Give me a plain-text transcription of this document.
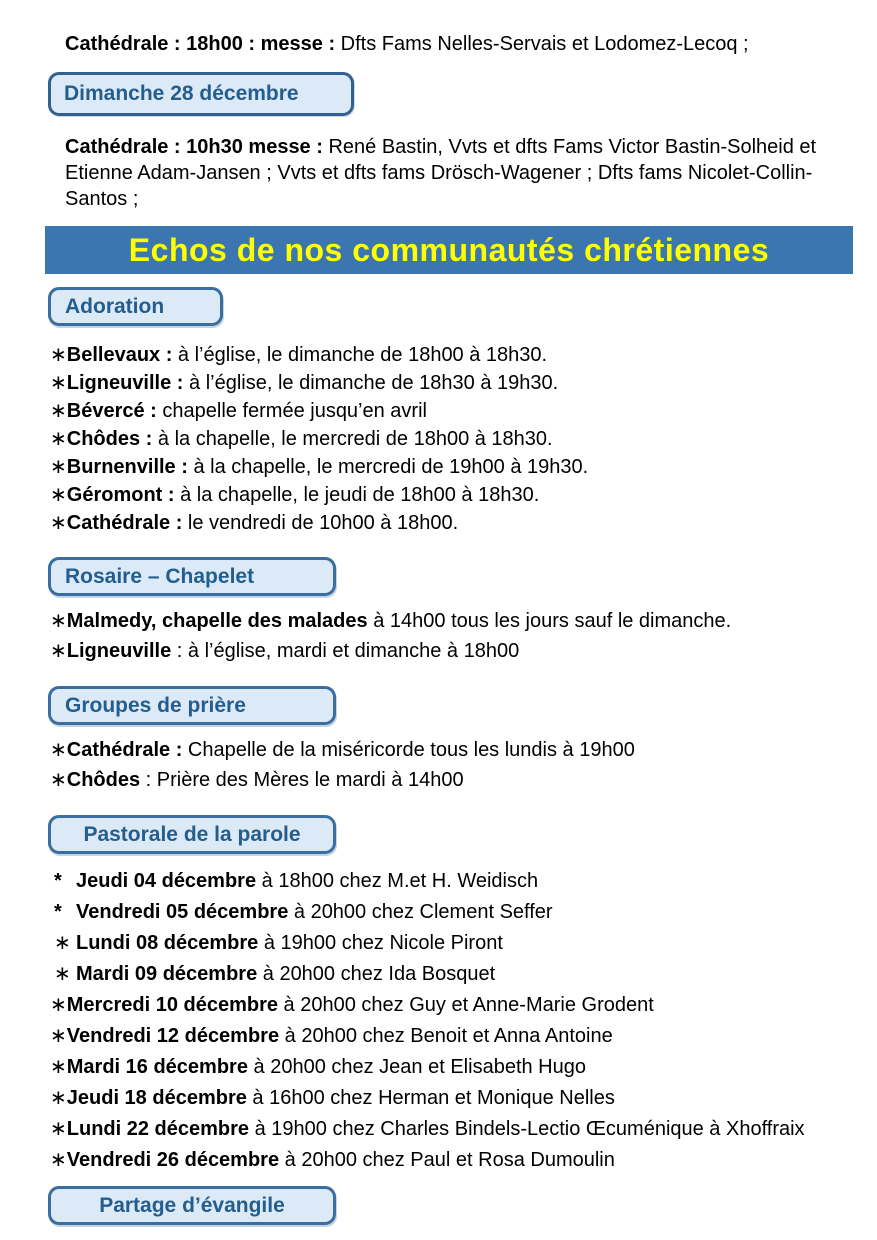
Cathédrale : 18h00 : messe : Dfts Fams Nelles-Servais et Lodomez-Lecoq ;
Dimanche 28 décembre
Cathédrale : 10h30 messe : René Bastin, Vvts et dfts Fams Victor Bastin-Solheid et Etienne Adam-Jansen ; Vvts et dfts fams Drösch-Wagener ; Dfts fams Nicolet-Collin-Santos ;
Echos de nos communautés chrétiennes
Adoration
∗ Bellevaux : à l’église, le dimanche de 18h00 à 18h30.
∗ Ligneuville : à l’église, le dimanche de 18h30 à 19h30.
∗ Bévercé : chapelle fermée jusqu’en avril
∗ Chôdes : à la chapelle, le mercredi de 18h00 à 18h30.
∗ Burnenville : à la chapelle, le mercredi de 19h00 à 19h30.
∗ Géromont : à la chapelle, le jeudi de 18h00 à 18h30.
∗ Cathédrale : le vendredi de 10h00 à 18h00.
Rosaire – Chapelet
∗ Malmedy, chapelle des malades à 14h00 tous les jours sauf le dimanche.
∗ Ligneuville : à l’église, mardi et dimanche à 18h00
Groupes de prière
∗ Cathédrale : Chapelle de la miséricorde tous les lundis à 19h00
∗ Chôdes : Prière des Mères le mardi à 14h00
Pastorale de la parole
* Jeudi 04 décembre à 18h00 chez M.et H. Weidisch
* Vendredi 05 décembre à 20h00 chez Clement Seffer
∗ Lundi 08 décembre à 19h00 chez Nicole Piront
∗ Mardi 09 décembre à 20h00 chez Ida Bosquet
∗ Mercredi 10 décembre à 20h00 chez Guy et Anne-Marie Grodent
∗ Vendredi 12 décembre à 20h00 chez Benoit et Anna Antoine
∗ Mardi 16 décembre à 20h00 chez Jean et Elisabeth Hugo
∗ Jeudi 18 décembre à 16h00 chez Herman et Monique Nelles
∗ Lundi 22 décembre à 19h00 chez Charles Bindels-Lectio Œcuménique à Xhoffraix
∗ Vendredi 26 décembre à 20h00 chez Paul et Rosa Dumoulin
Partage d’évangile
